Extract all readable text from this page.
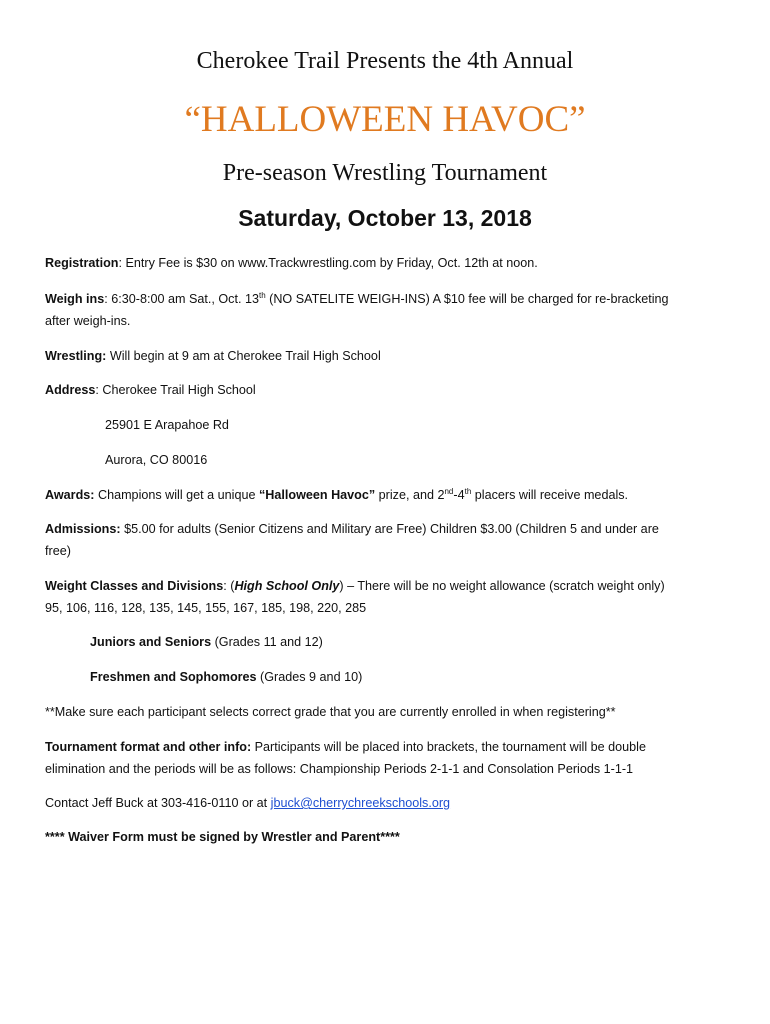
Cherokee Trail Presents the 4th Annual
“HALLOWEEN HAVOC”
Pre-season Wrestling Tournament
Saturday, October 13, 2018
Registration: Entry Fee is $30 on www.Trackwrestling.com by Friday, Oct. 12th at noon.
Weigh ins: 6:30-8:00 am Sat., Oct. 13th (NO SATELITE WEIGH-INS) A $10 fee will be charged for re-bracketing
after weigh-ins.
Wrestling: Will begin at 9 am at Cherokee Trail High School
Address: Cherokee Trail High School
25901 E Arapahoe Rd
Aurora, CO 80016
Awards: Champions will get a unique “Halloween Havoc” prize, and 2nd-4th placers will receive medals.
Admissions: $5.00 for adults (Senior Citizens and Military are Free) Children $3.00 (Children 5 and under are
free)
Weight Classes and Divisions: (High School Only) – There will be no weight allowance (scratch weight only)
95, 106, 116, 128, 135, 145, 155, 167, 185, 198, 220, 285
Juniors and Seniors (Grades 11 and 12)
Freshmen and Sophomores (Grades 9 and 10)
**Make sure each participant selects correct grade that you are currently enrolled in when registering**
Tournament format and other info: Participants will be placed into brackets, the tournament will be double
elimination and the periods will be as follows: Championship Periods 2-1-1 and Consolation Periods 1-1-1
Contact Jeff Buck at 303-416-0110 or at jbuck@cherrychreekschools.org
**** Waiver Form must be signed by Wrestler and Parent****
